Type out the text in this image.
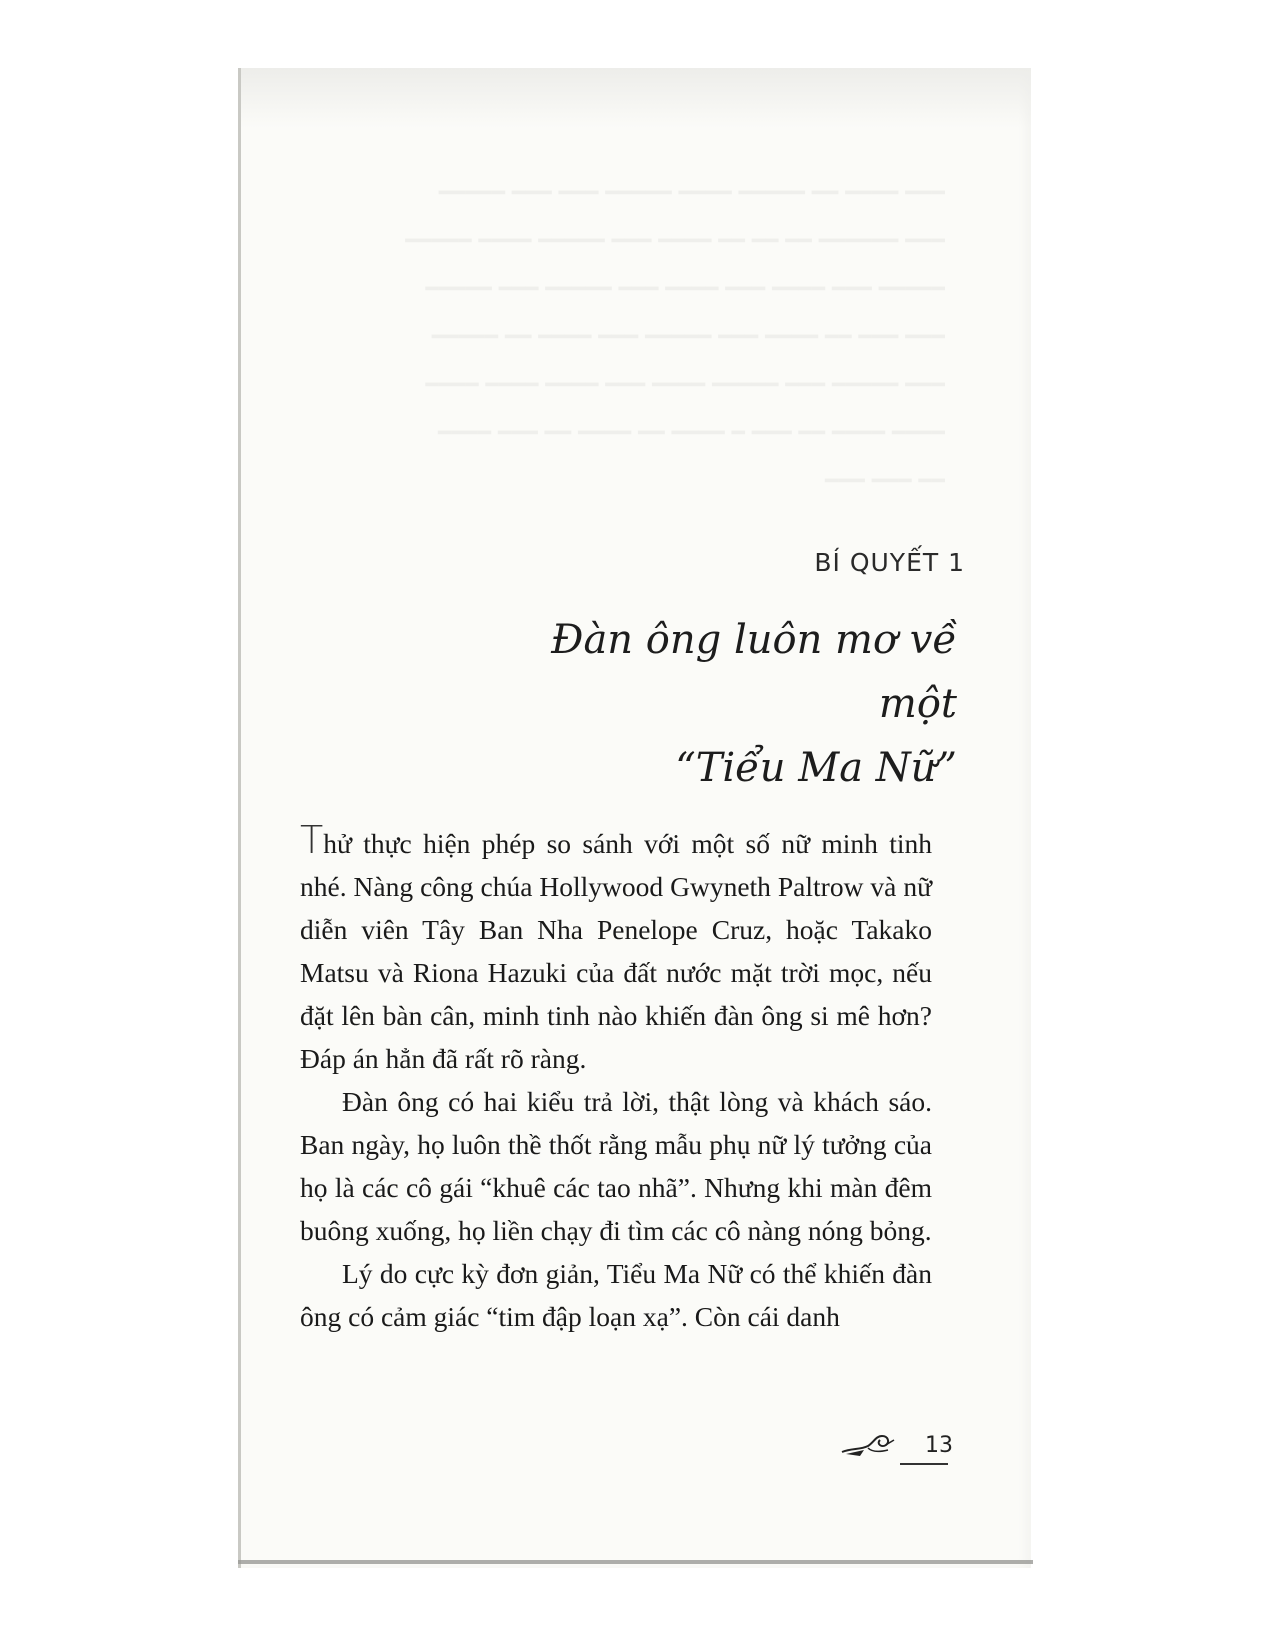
━━━ ━━━━ ━━ ━━━━━ ━━━━ ━━━━━ ━━━ ━━━ ━━━━━

━━━ ━━━━━━ ━━ ━━ ━━ ━━━━ ━━━ ━━━━━ ━━━━ ━━━━━

━━━━━ ━━━ ━━━━ ━━━ ━━━━ ━━━ ━━━━━ ━━━ ━━━━━

━━━ ━━━ ━━ ━━━━ ━━━ ━━━━━ ━━━ ━━━━ ━━ ━━━━━

━━━ ━━━━━ ━━━ ━━━━━ ━━━━ ━━━ ━━━━ ━━━━ ━━━━

━━━━ ━━━━ ━━ ━━━ ━ ━━━━ ━━ ━━━━ ━━ ━━━ ━━━━

━━ ━━━ ━━━

BÍ QUYẾT 1
Đàn ông luôn mơ về một
“Tiểu Ma Nữ”

Thử thực hiện phép so sánh với một số nữ minh tinh nhé. Nàng công chúa Hollywood Gwyneth Paltrow và nữ diễn viên Tây Ban Nha Penelope Cruz, hoặc Takako Matsu và Riona Hazuki của đất nước mặt trời mọc, nếu đặt lên bàn cân, minh tinh nào khiến đàn ông si mê hơn? Đáp án hẳn đã rất rõ ràng.

Đàn ông có hai kiểu trả lời, thật lòng và khách sáo. Ban ngày, họ luôn thề thốt rằng mẫu phụ nữ lý tưởng của họ là các cô gái “khuê các tao nhã”. Nhưng khi màn đêm buông xuống, họ liền chạy đi tìm các cô nàng nóng bỏng.

Lý do cực kỳ đơn giản, Tiểu Ma Nữ có thể khiến đàn ông có cảm giác “tim đập loạn xạ”. Còn cái danh

13
